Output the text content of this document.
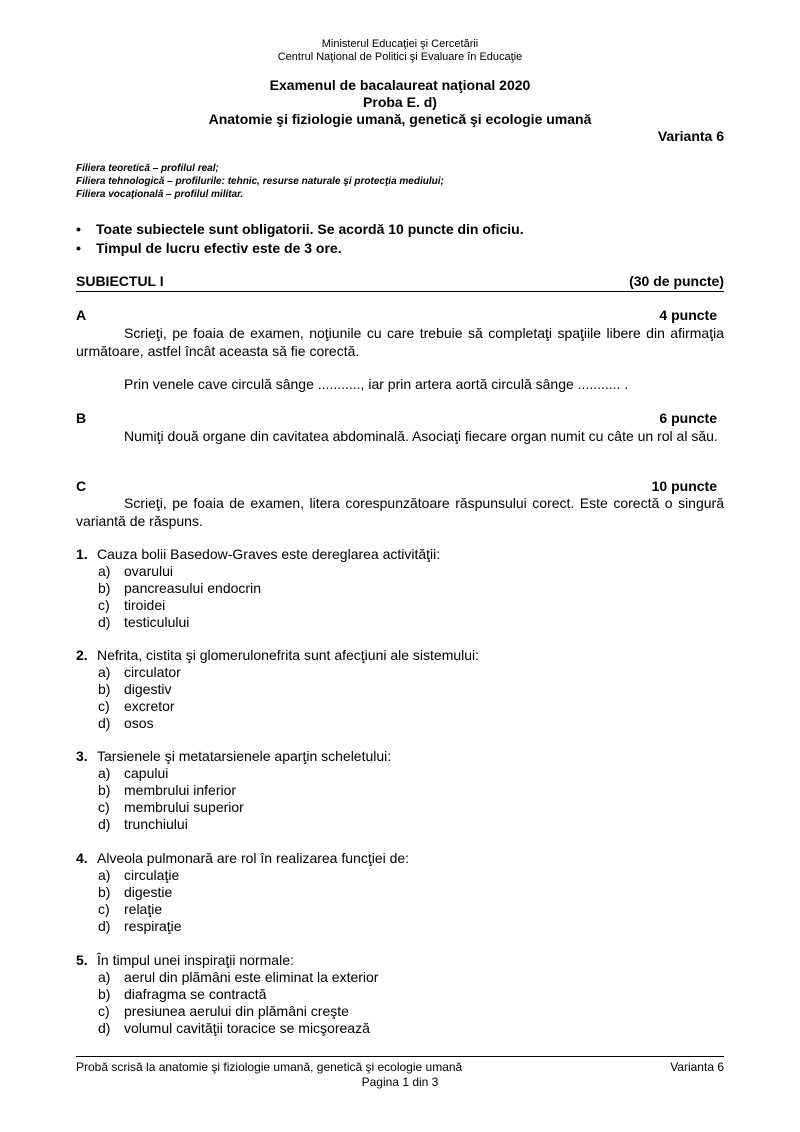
Ministerul Educaţiei şi Cercetării
Centrul Naţional de Politici şi Evaluare în Educaţie
Examenul de bacalaureat naţional 2020
Proba E. d)
Anatomie şi fiziologie umană, genetică şi ecologie umană
Varianta 6
Filiera teoretică – profilul real;
Filiera tehnologică – profilurile: tehnic, resurse naturale şi protecţia mediului;
Filiera vocaţională – profilul militar.
•	Toate subiectele sunt obligatorii. Se acordă 10 puncte din oficiu.
•	Timpul de lucru efectiv este de 3 ore.
SUBIECTUL I	(30 de puncte)
A	4 puncte
Scrieţi, pe foaia de examen, noţiunile cu care trebuie să completaţi spaţiile libere din afirmaţia următoare, astfel încât aceasta să fie corectă.
Prin venele cave circulă sânge ..........., iar prin artera aortă circulă sânge ........... .
B	6 puncte
Numiţi două organe din cavitatea abdominală. Asociaţi fiecare organ numit cu câte un rol al său.
C	10 puncte
Scrieţi, pe foaia de examen, litera corespunzătoare răspunsului corect. Este corectă o singură variantă de răspuns.
1. Cauza bolii Basedow-Graves este dereglarea activităţii:
a) ovarului
b) pancreasului endocrin
c)	tiroidei
d) testiculului
2. Nefrita, cistita şi glomerulonefrita sunt afecţiuni ale sistemului:
a) circulator
b) digestiv
c)	excretor
d) osos
3. Tarsienele şi metatarsienele aparţin scheletului:
a) capului
b) membrului inferior
c)	membrului superior
d) trunchiului
4. Alveola pulmonară are rol în realizarea funcţiei de:
a) circulaţie
b) digestie
c)	relaţie
d) respiraţie
5. În timpul unei inspiraţii normale:
a) aerul din plămâni este eliminat la exterior
b) diafragma se contractă
c)	presiunea aerului din plămâni creşte
d) volumul cavităţii toracice se micşorează
Probă scrisă la anatomie şi fiziologie umană, genetică şi ecologie umană	Varianta 6
Pagina 1 din 3
